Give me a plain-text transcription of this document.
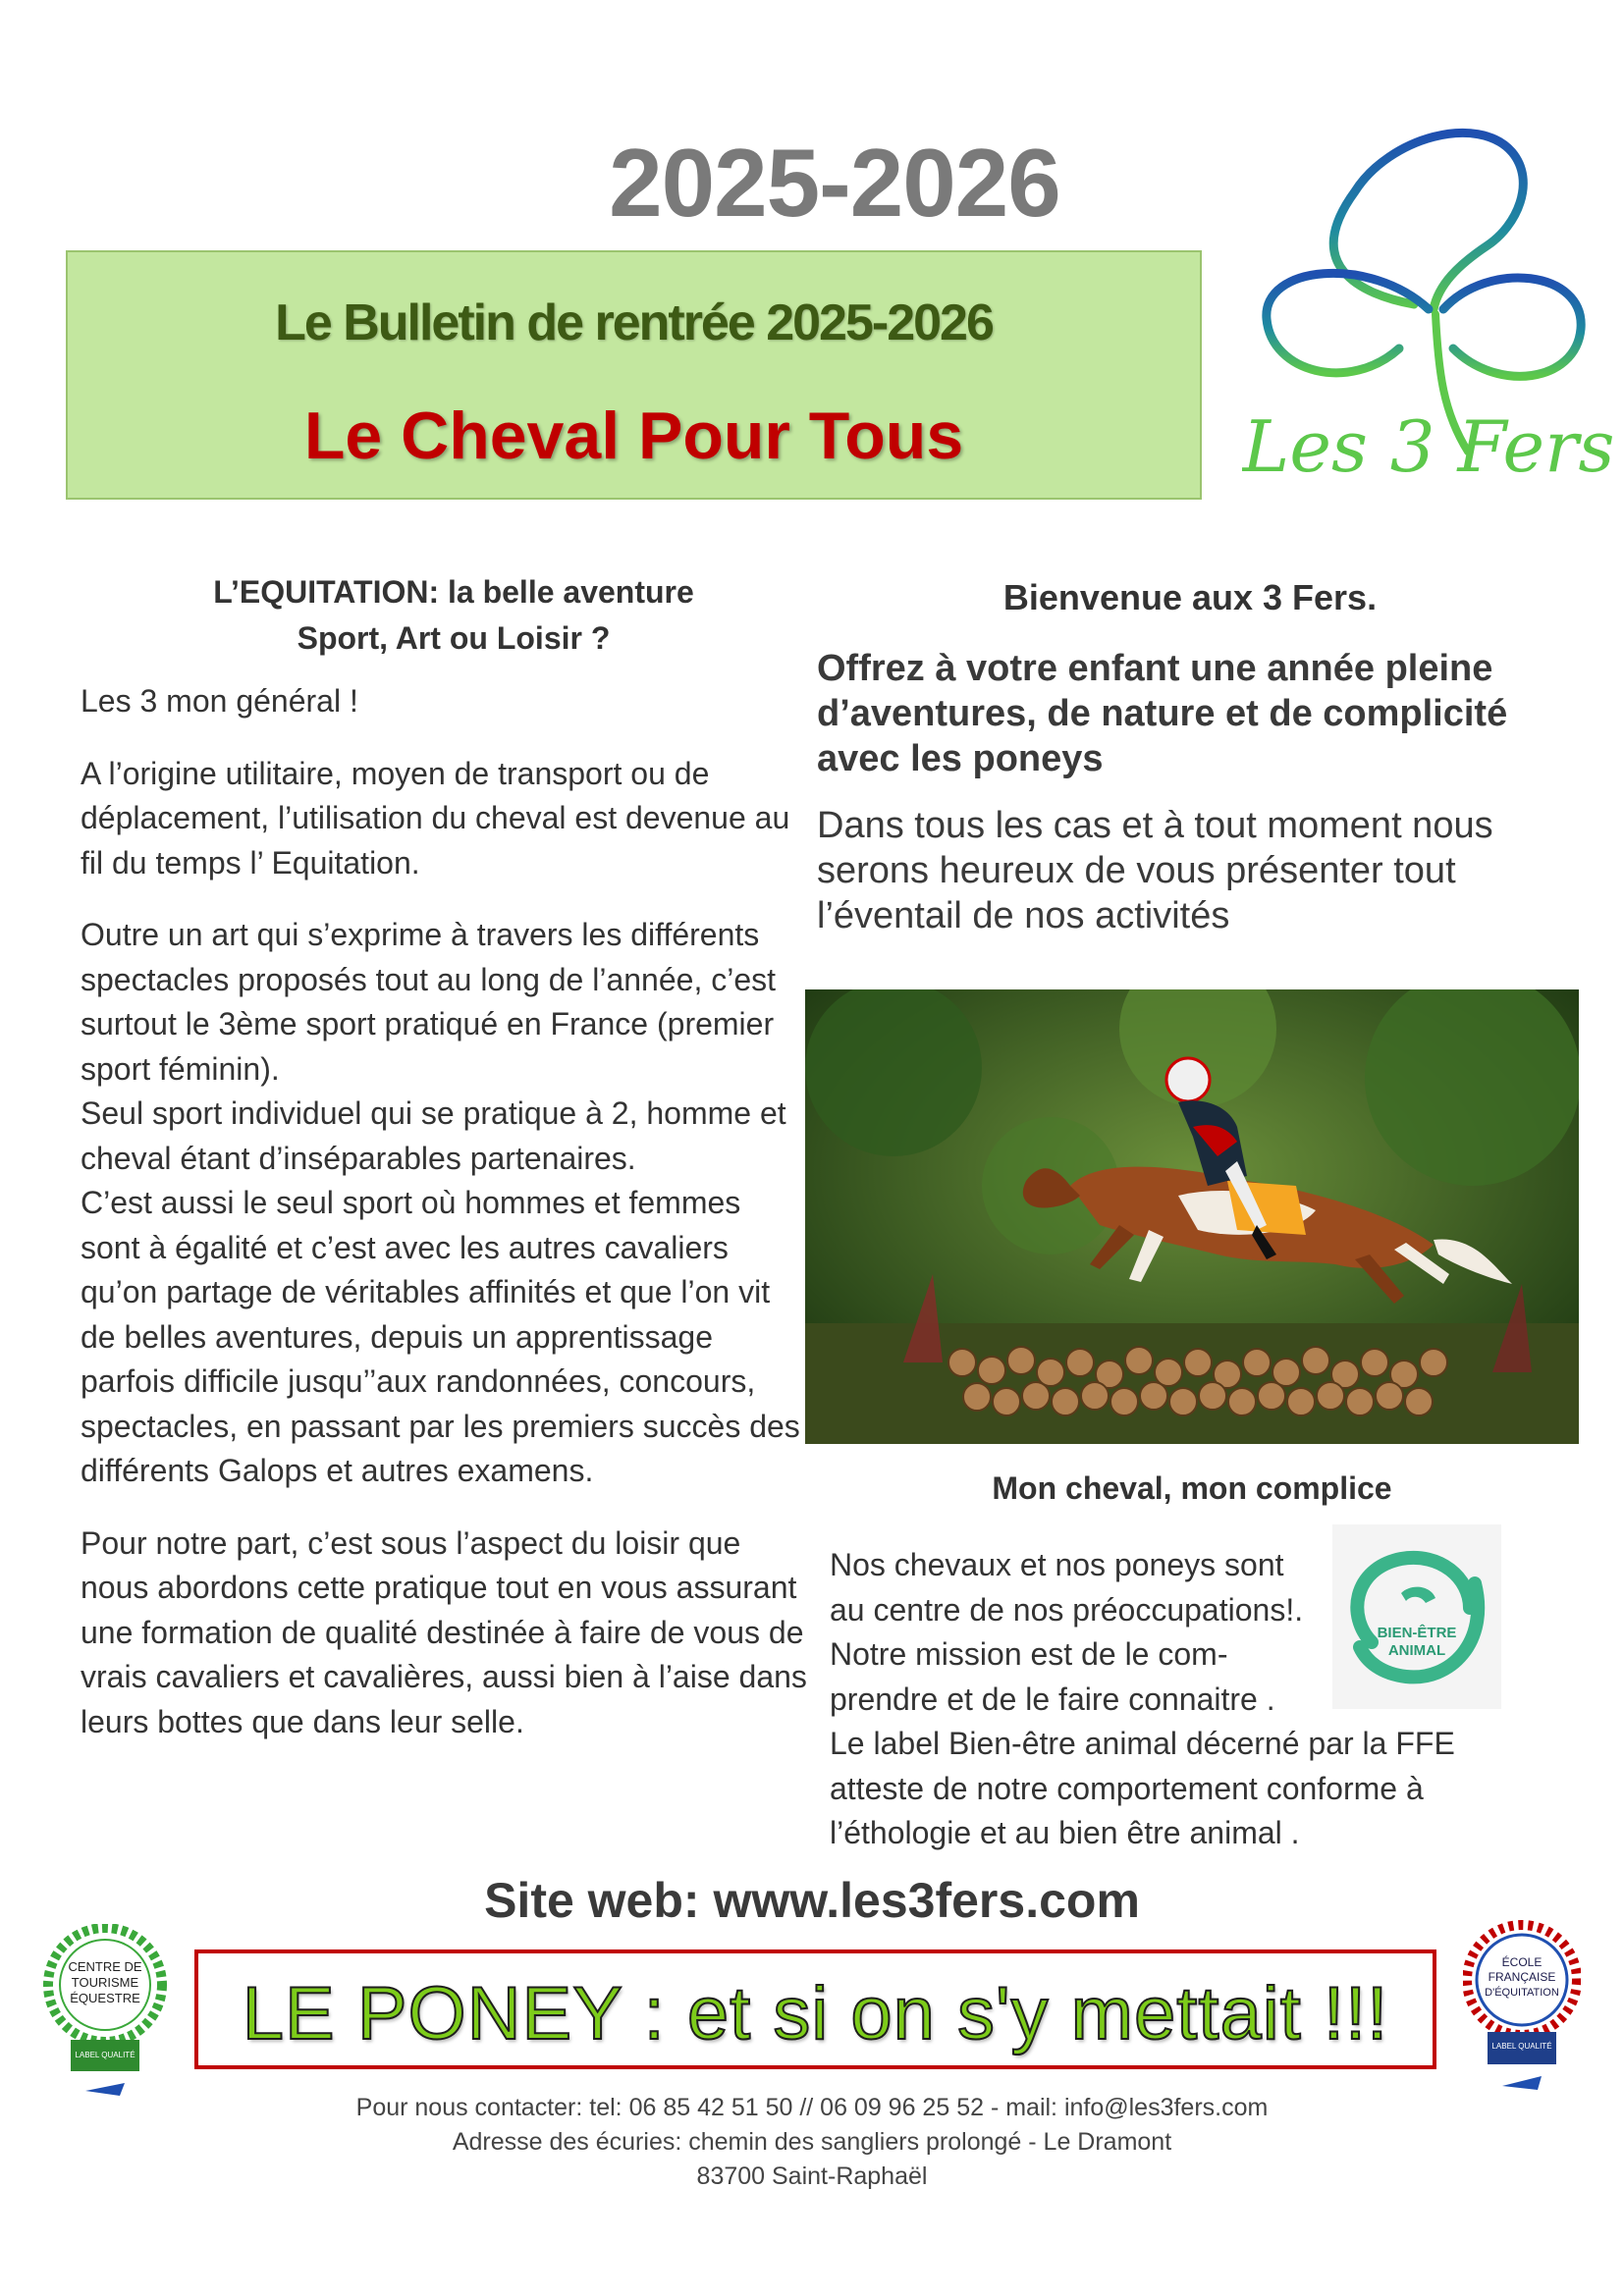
2025-2026
Le Bulletin de rentrée 2025-2026
Le Cheval Pour Tous	Les 3 Fers
L’EQUITATION: la belle aventure
Sport, Art ou Loisir ?

Les 3 mon général !

A l’origine utilitaire, moyen de transport ou de déplacement, l’utilisation du cheval est devenue au fil du temps l’ Equitation.

Outre un art qui s’exprime à travers les différents spectacles proposés tout au long de l’année, c’est surtout le 3ème sport pratiqué en France (premier sport féminin).

Seul sport individuel qui se pratique à 2, homme et cheval étant d’inséparables partenaires.

C’est aussi le seul sport où hommes et femmes sont à égalité et c’est avec les autres cavaliers qu’on partage de véritables affinités et que l’on vit de belles aventures, depuis un apprentissage parfois difficile jusqu’’aux randonnées, concours, spectacles, en passant par les premiers succès des différents Galops et autres examens.

Pour notre part, c’est sous l’aspect du loisir que nous abordons cette pratique tout en vous assurant une formation de qualité destinée à faire de vous de vrais cavaliers et cavalières, aussi bien à l’aise dans leurs bottes que dans leur selle.

Bienvenue aux 3 Fers.
Offrez à votre enfant une année pleine d’aventures, de nature et de complicité avec les poneys
Dans tous les cas et à tout moment nous serons heureux de vous présenter tout l’éventail de nos activités
Mon cheval, mon complice
Nos chevaux et nos poneys sont
au centre de nos préoccupations!.
Notre mission est de le com-
prendre et de le faire connaitre .
Le label Bien-être animal décerné par la FFE
atteste de notre comportement conforme à
l’éthologie et au bien être animal .
BIEN-ÊTRE
ANIMAL
Site web: www.les3fers.com
CENTRE DE
TOURISME
ÉQUESTRE
LABEL QUALITÉ	LE PONEY : et si on s'y mettait !!!
ÉCOLE
FRANÇAISE
D'ÉQUITATION
LABEL QUALITÉ
Pour nous contacter: tel: 06 85 42 51 50 // 06 09 96 25 52 - mail: info@les3fers.com
Adresse des écuries: chemin des sangliers prolongé - Le Dramont
83700 Saint-Raphaël
